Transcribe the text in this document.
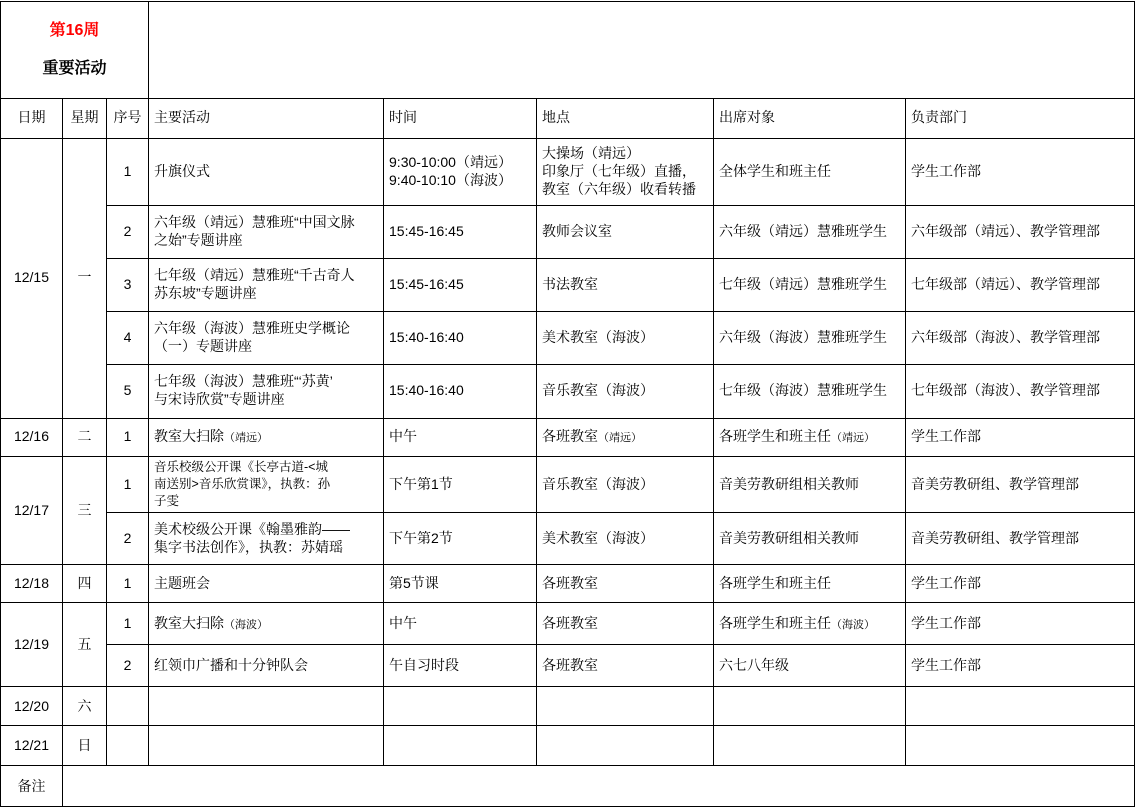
第16周

重要活动							

日期	星期	序号	主要活动	时间	地点	出席对象	负责部门
12/15	一	1	升旗仪式	9:30-10:00（靖远）
9:40-10:10（海波）	大操场（靖远）
印象厅（七年级）直播，
教室（六年级）收看转播	全体学生和班主任	学生工作部
		2	六年级（靖远）慧雅班“中国文脉
之始”专题讲座	15:45-16:45	教师会议室	六年级（靖远）慧雅班学生	六年级部（靖远）、教学管理部
		3	七年级（靖远）慧雅班“千古奇人
苏东坡”专题讲座	15:45-16:45	书法教室	七年级（靖远）慧雅班学生	七年级部（靖远）、教学管理部
		4	六年级（海波）慧雅班史学概论
（一）专题讲座	15:40-16:40	美术教室（海波）	六年级（海波）慧雅班学生	六年级部（海波）、教学管理部
		5	七年级（海波）慧雅班“‘苏黄’
与宋诗欣赏”专题讲座	15:40-16:40	音乐教室（海波）	七年级（海波）慧雅班学生	七年级部（海波）、教学管理部
12/16	二	1	教室大扫除（靖远）	中午	各班教室（靖远）	各班学生和班主任（靖远）	学生工作部
12/17	三	1	音乐校级公开课《长亭古道-<城
南送别>音乐欣赏课》，执教：孙
子雯	下午第1节	音乐教室（海波）	音美劳教研组相关教师	音美劳教研组、教学管理部
		2	美术校级公开课《翰墨雅韵——
集字书法创作》，执教：苏婧瑶	下午第2节	美术教室（海波）	音美劳教研组相关教师	音美劳教研组、教学管理部
12/18	四	1	主题班会	第5节课	各班教室	各班学生和班主任	学生工作部
12/19	五	1	教室大扫除（海波）	中午	各班教室	各班学生和班主任（海波）	学生工作部
		2	红领巾广播和十分钟队会	午自习时段	各班教室	六七八年级	学生工作部
12/20	六						
12/21	日						
备注							
